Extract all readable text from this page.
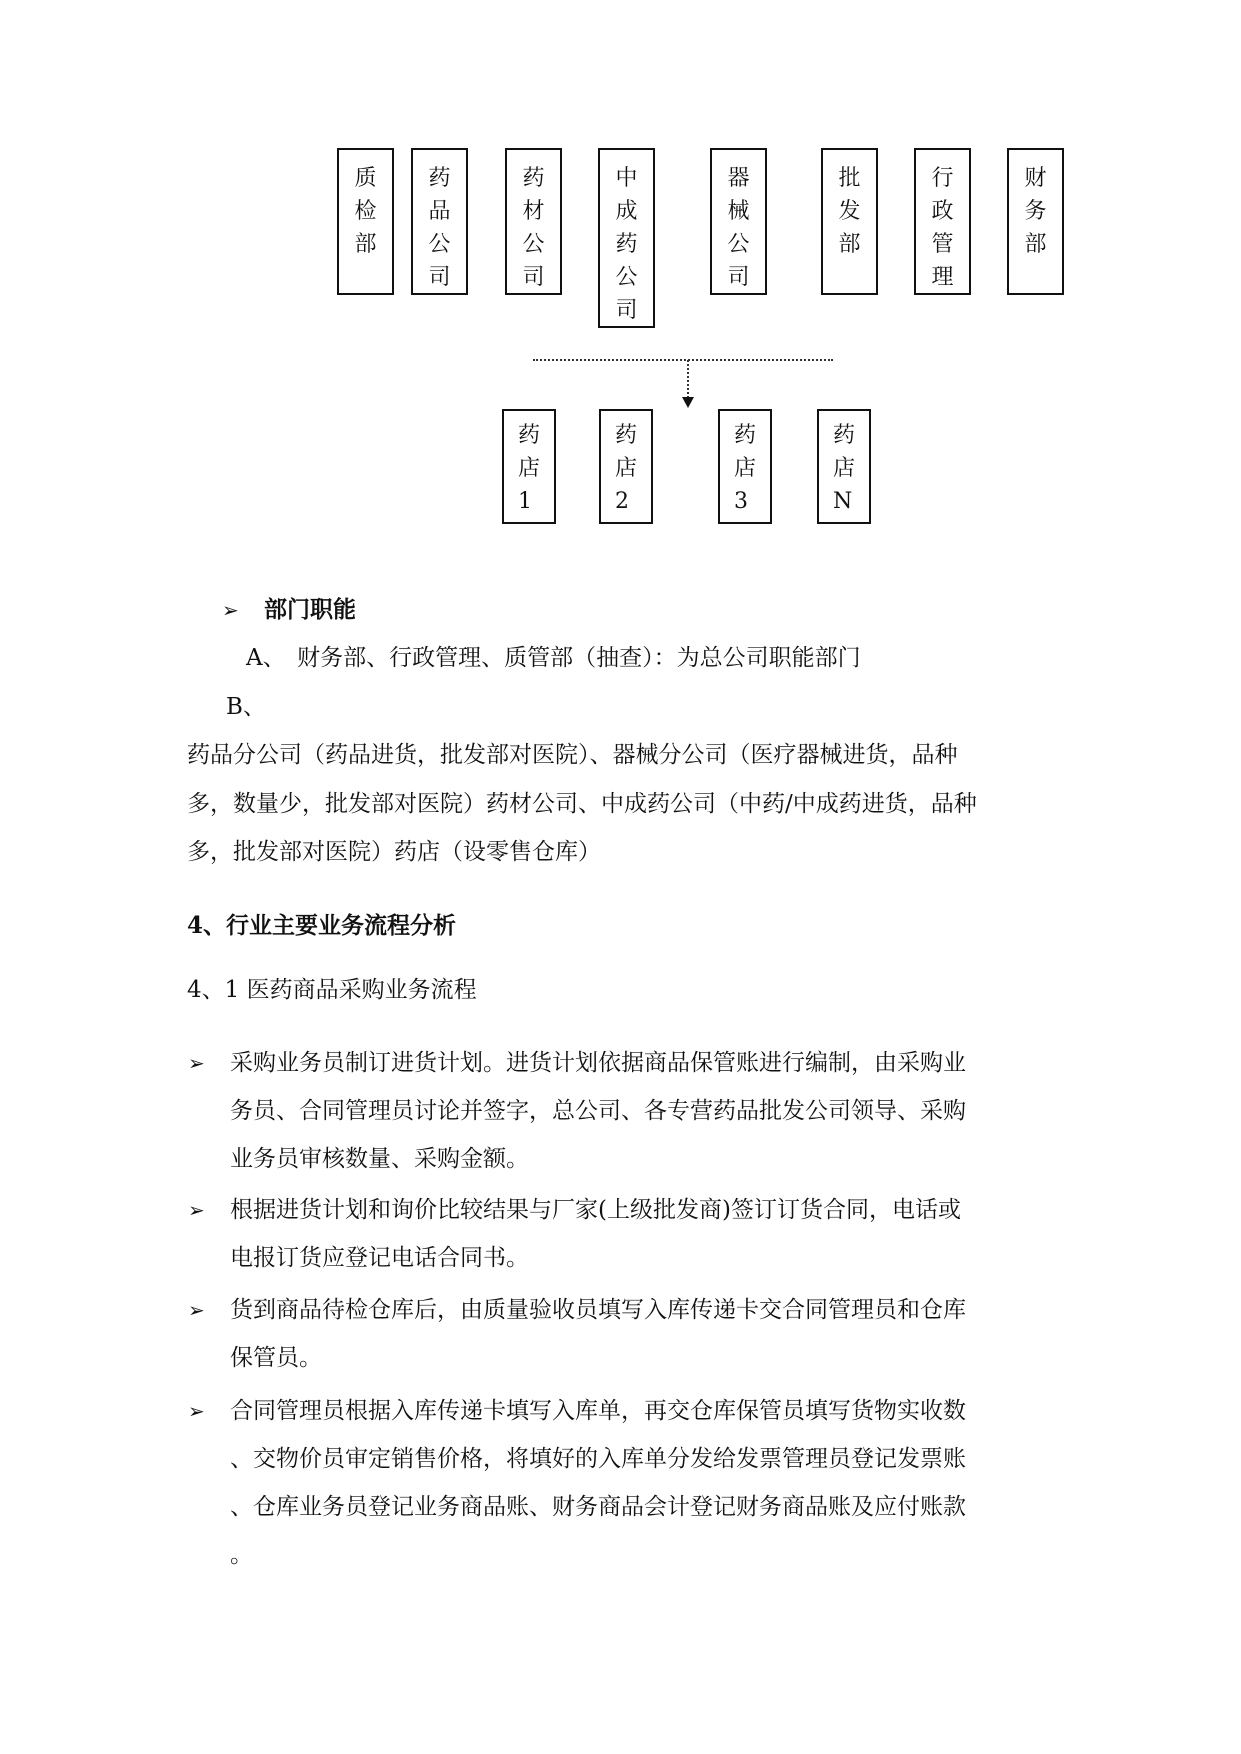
质检部
药品公司
药材公司
中成药公司
器械公司
批发部
行政管理
财务部
药店1
药店2
药店3
药店N
➢ 部门职能
A、　财务部、行政管理、质管部（抽查）：为总公司职能部门
B、
药品分公司（药品进货，批发部对医院）、器械分公司（医疗器械进货，品种
多，数量少，批发部对医院）药材公司、中成药公司（中药/中成药进货，品种
多，批发部对医院）药店（设零售仓库）
4、行业主要业务流程分析
4、1 医药商品采购业务流程
➢ 采购业务员制订进货计划。进货计划依据商品保管账进行编制，由采购业
务员、合同管理员讨论并签字，总公司、各专营药品批发公司领导、采购
业务员审核数量、采购金额。
➢ 根据进货计划和询价比较结果与厂家(上级批发商)签订订货合同，电话或
电报订货应登记电话合同书。
➢ 货到商品待检仓库后，由质量验收员填写入库传递卡交合同管理员和仓库
保管员。
➢ 合同管理员根据入库传递卡填写入库单，再交仓库保管员填写货物实收数
、交物价员审定销售价格，将填好的入库单分发给发票管理员登记发票账
、仓库业务员登记业务商品账、财务商品会计登记财务商品账及应付账款
。
